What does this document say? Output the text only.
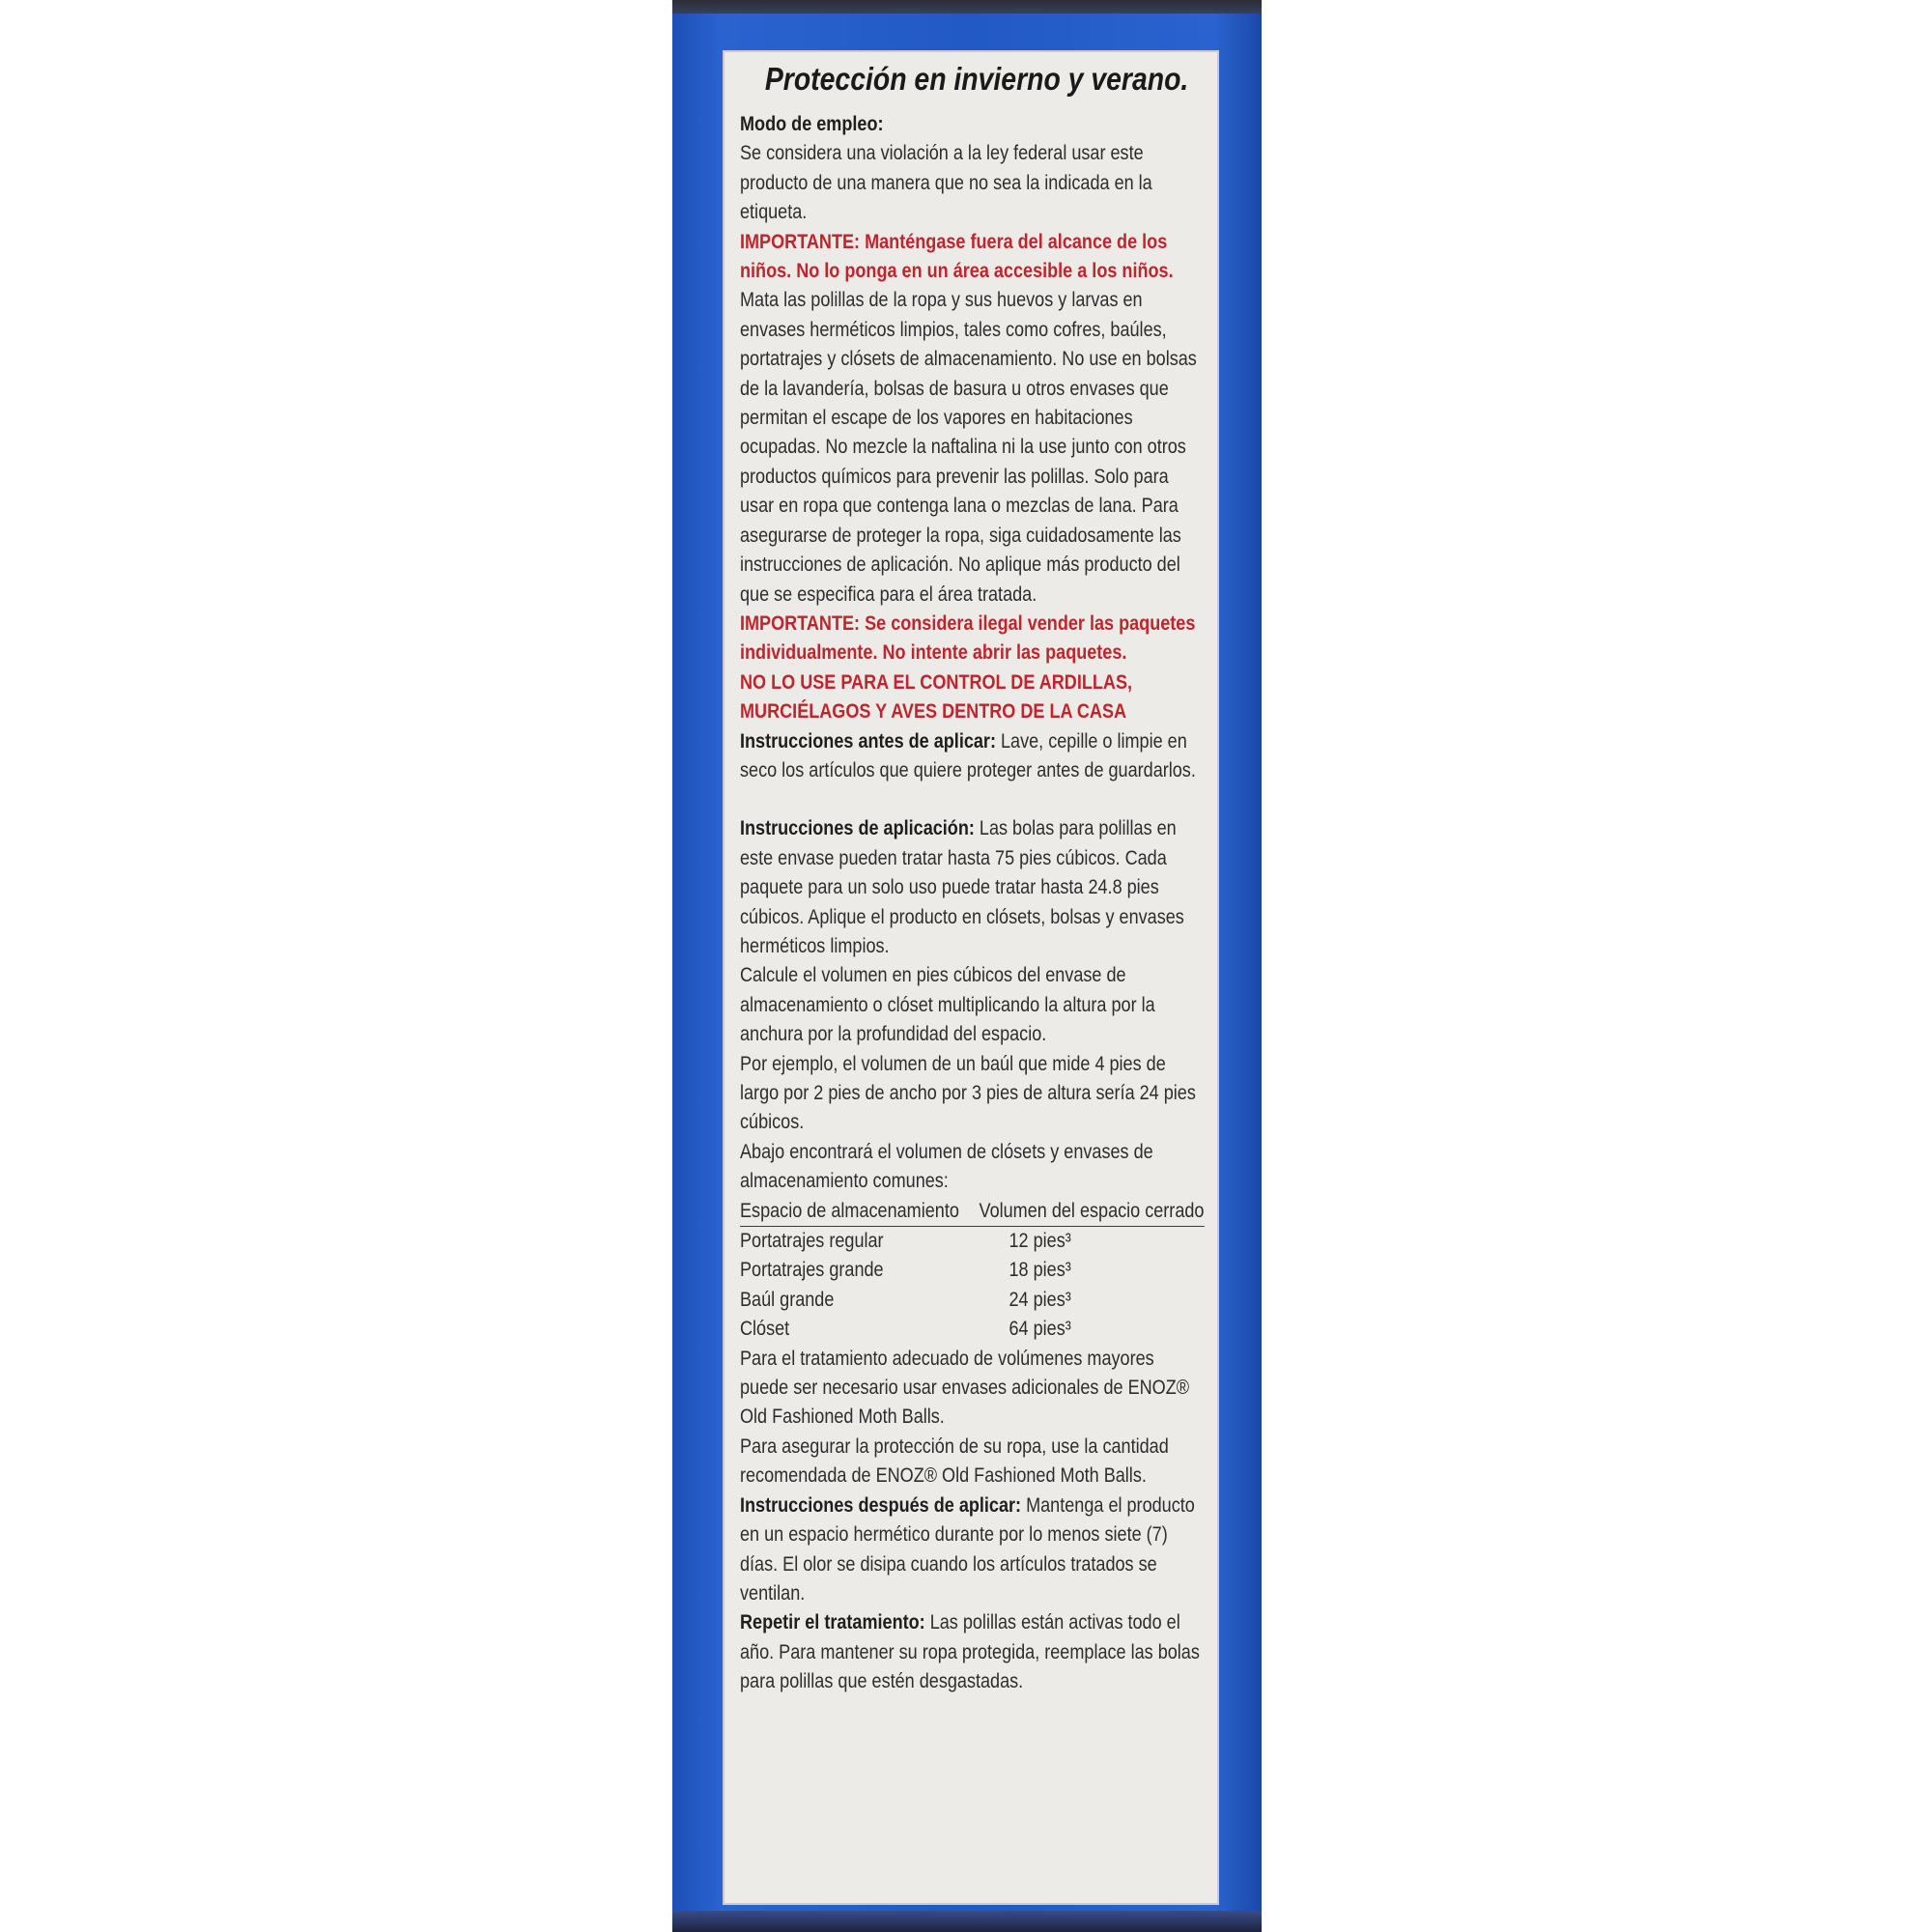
Protección en invierno y verano.

Modo de empleo:
Se considera una violación a la ley federal usar este producto de una manera que no sea la indicada en la etiqueta.

IMPORTANTE: Manténgase fuera del alcance de los niños. No lo ponga en un área accesible a los niños.

Mata las polillas de la ropa y sus huevos y larvas en envases herméticos limpios, tales como cofres, baúles, portatrajes y clósets de almacenamiento. No use en bolsas de la lavandería, bolsas de basura u otros envases que permitan el escape de los vapores en habitaciones ocupadas. No mezcle la naftalina ni la use junto con otros productos químicos para prevenir las polillas. Solo para usar en ropa que contenga lana o mezclas de lana. Para asegurarse de proteger la ropa, siga cuidadosamente las instrucciones de aplicación. No aplique más producto del que se especifica para el área tratada.

IMPORTANTE: Se considera ilegal vender las paquetes individualmente. No intente abrir las paquetes.

NO LO USE PARA EL CONTROL DE ARDILLAS, MURCIÉLAGOS Y AVES DENTRO DE LA CASA

Instrucciones antes de aplicar: Lave, cepille o limpie en seco los artículos que quiere proteger antes de guardarlos.

Instrucciones de aplicación: Las bolas para polillas en este envase pueden tratar hasta 75 pies cúbicos. Cada paquete para un solo uso puede tratar hasta 24.8 pies cúbicos. Aplique el producto en clósets, bolsas y envases herméticos limpios.

Calcule el volumen en pies cúbicos del envase de almacenamiento o clóset multiplicando la altura por la anchura por la profundidad del espacio.

Por ejemplo, el volumen de un baúl que mide 4 pies de largo por 2 pies de ancho por 3 pies de altura sería 24 pies cúbicos.

Abajo encontrará el volumen de clósets y envases de almacenamiento comunes:

Espacio de almacenamiento	Volumen del espacio cerrado
Portatrajes regular	12 pies³
Portatrajes grande	18 pies³
Baúl grande	24 pies³
Clóset	64 pies³

Para el tratamiento adecuado de volúmenes mayores puede ser necesario usar envases adicionales de ENOZ® Old Fashioned Moth Balls.

Para asegurar la protección de su ropa, use la cantidad recomendada de ENOZ® Old Fashioned Moth Balls.

Instrucciones después de aplicar: Mantenga el producto en un espacio hermético durante por lo menos siete (7) días. El olor se disipa cuando los artículos tratados se ventilan.

Repetir el tratamiento: Las polillas están activas todo el año. Para mantener su ropa protegida, reemplace las bolas para polillas que estén desgastadas.
